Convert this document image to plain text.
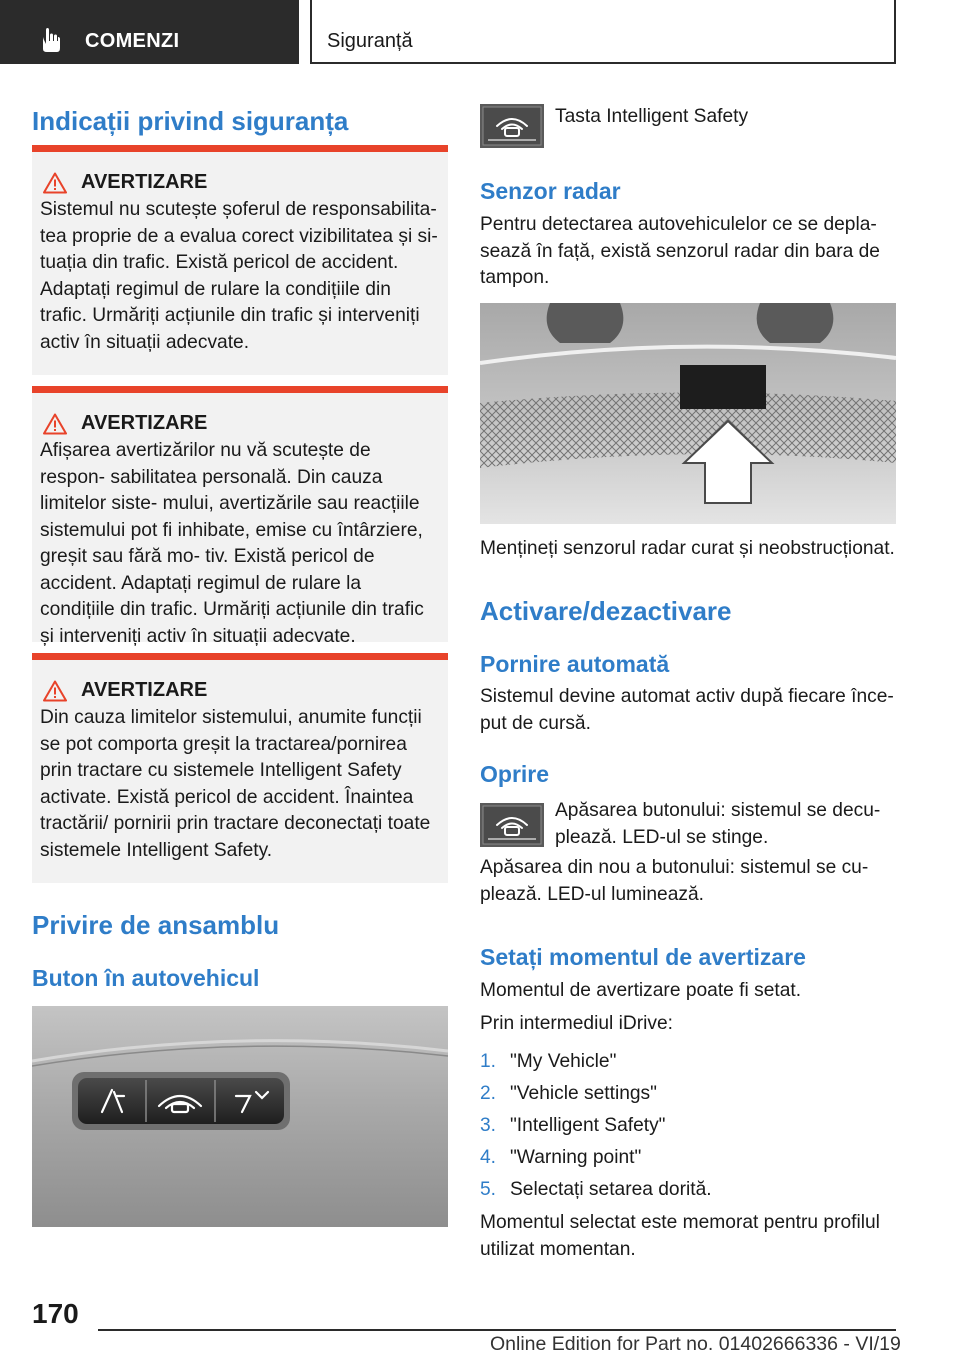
COMENZI	Siguranță
Indicații privind siguranța
AVERTIZARE
Sistemul nu scutește șoferul de responsabilita- tea proprie de a evalua corect vizibilitatea și si- tuația din trafic. Există pericol de accident. Adaptați regimul de rulare la condițiile din trafic. Urmăriți acțiunile din trafic și interveniți activ în situații adecvate.
AVERTIZARE
Afișarea avertizărilor nu vă scutește de respon- sabilitatea personală. Din cauza limitelor siste- mului, avertizările sau reacțiile sistemului pot fi inhibate, emise cu întârziere, greșit sau fără mo- tiv. Există pericol de accident. Adaptați regimul de rulare la condițiile din trafic. Urmăriți acțiunile din trafic și interveniți activ în situații adecvate.
AVERTIZARE
Din cauza limitelor sistemului, anumite funcții se pot comporta greșit la tractarea/pornirea prin tractare cu sistemele Intelligent Safety activate. Există pericol de accident. Înaintea tractării/ pornirii prin tractare deconectați toate sistemele Intelligent Safety.
Privire de ansamblu
Buton în autovehicul
Tasta Intelligent Safety
Senzor radar
Pentru detectarea autovehiculelor ce se depla- sează în față, există senzorul radar din bara de tampon.
Mențineți senzorul radar curat și neobstrucționat.
Activare/dezactivare
Pornire automată
Sistemul devine automat activ după fiecare înce- put de cursă.
Oprire
Apăsarea butonului: sistemul se decu- plează. LED-ul se stinge.
Apăsarea din nou a butonului: sistemul se cu- plează. LED-ul luminează.
Setați momentul de avertizare
Momentul de avertizare poate fi setat.
Prin intermediul iDrive:
1. "My Vehicle"
2. "Vehicle settings"
3. "Intelligent Safety"
4. "Warning point"
5. Selectați setarea dorită.
Momentul selectat este memorat pentru profilul utilizat momentan.
170
Online Edition for Part no. 01402666336 - VI/19
